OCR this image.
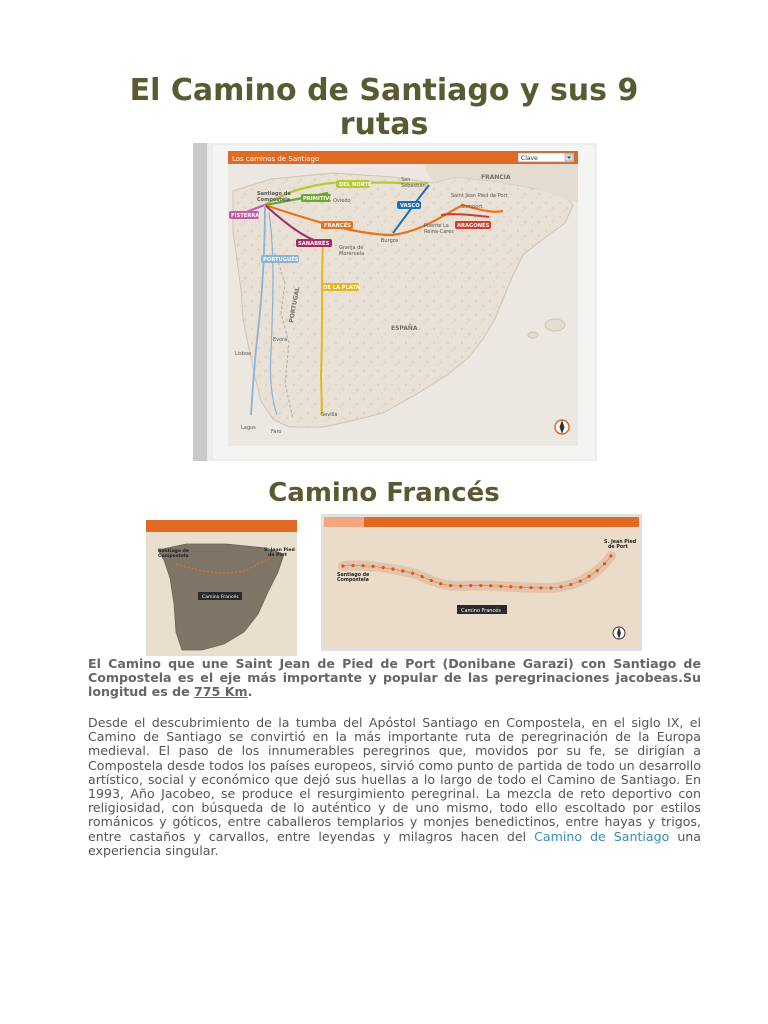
El Camino de Santiago y sus 9
rutas
Los caminos de Santiago	Clave
DEL NORTE
PRIMITIVO
VASCO
FISTERRA
FRANCÉS	ARAGONÉS
SANABRÉS
PORTUGUÉS
DE LA PLATA
Santiago de
Compostela
San
Sebastián
Oviedo
Saint Jean Pied de Port
Somport
Burgos
Puente La
Reina-Cares
Granja de
Moreruela
Lisboa
Evora
Lagos
Faro
Sevilla
FRANCIA
ESPAÑA
PORTUGAL
Camino Francés
Santiago de
Compostela
S. Jean Pied
de Port
Camino Francés
Santiago de
Compostela
S. Jean Pied
de Port
Camino Francés

El Camino que une Saint Jean de Pied de Port (Donibane Garazi) con Santiago de Compostela es el eje más importante y popular de las peregrinaciones jacobeas.Su longitud es de 775 Km.

Desde el descubrimiento de la tumba del Apóstol Santiago en Compostela, en el siglo IX, el Camino de Santiago se convirtió en la más importante ruta de peregrinación de la Europa medieval. El paso de los innumerables peregrinos que, movidos por su fe, se dirigían a Compostela desde todos los países europeos, sirvió como punto de partida de todo un desarrollo artístico, social y económico que dejó sus huellas a lo largo de todo el Camino de Santiago. En 1993, Año Jacobeo, se produce el resurgimiento peregrinal. La mezcla de reto deportivo con religiosidad, con búsqueda de lo auténtico y de uno mismo, todo ello escoltado por estilos románicos y góticos, entre caballeros templarios y monjes benedictinos, entre hayas y trigos, entre castaños y carvallos, entre leyendas y milagros hacen del Camino de Santiago una experiencia singular.
